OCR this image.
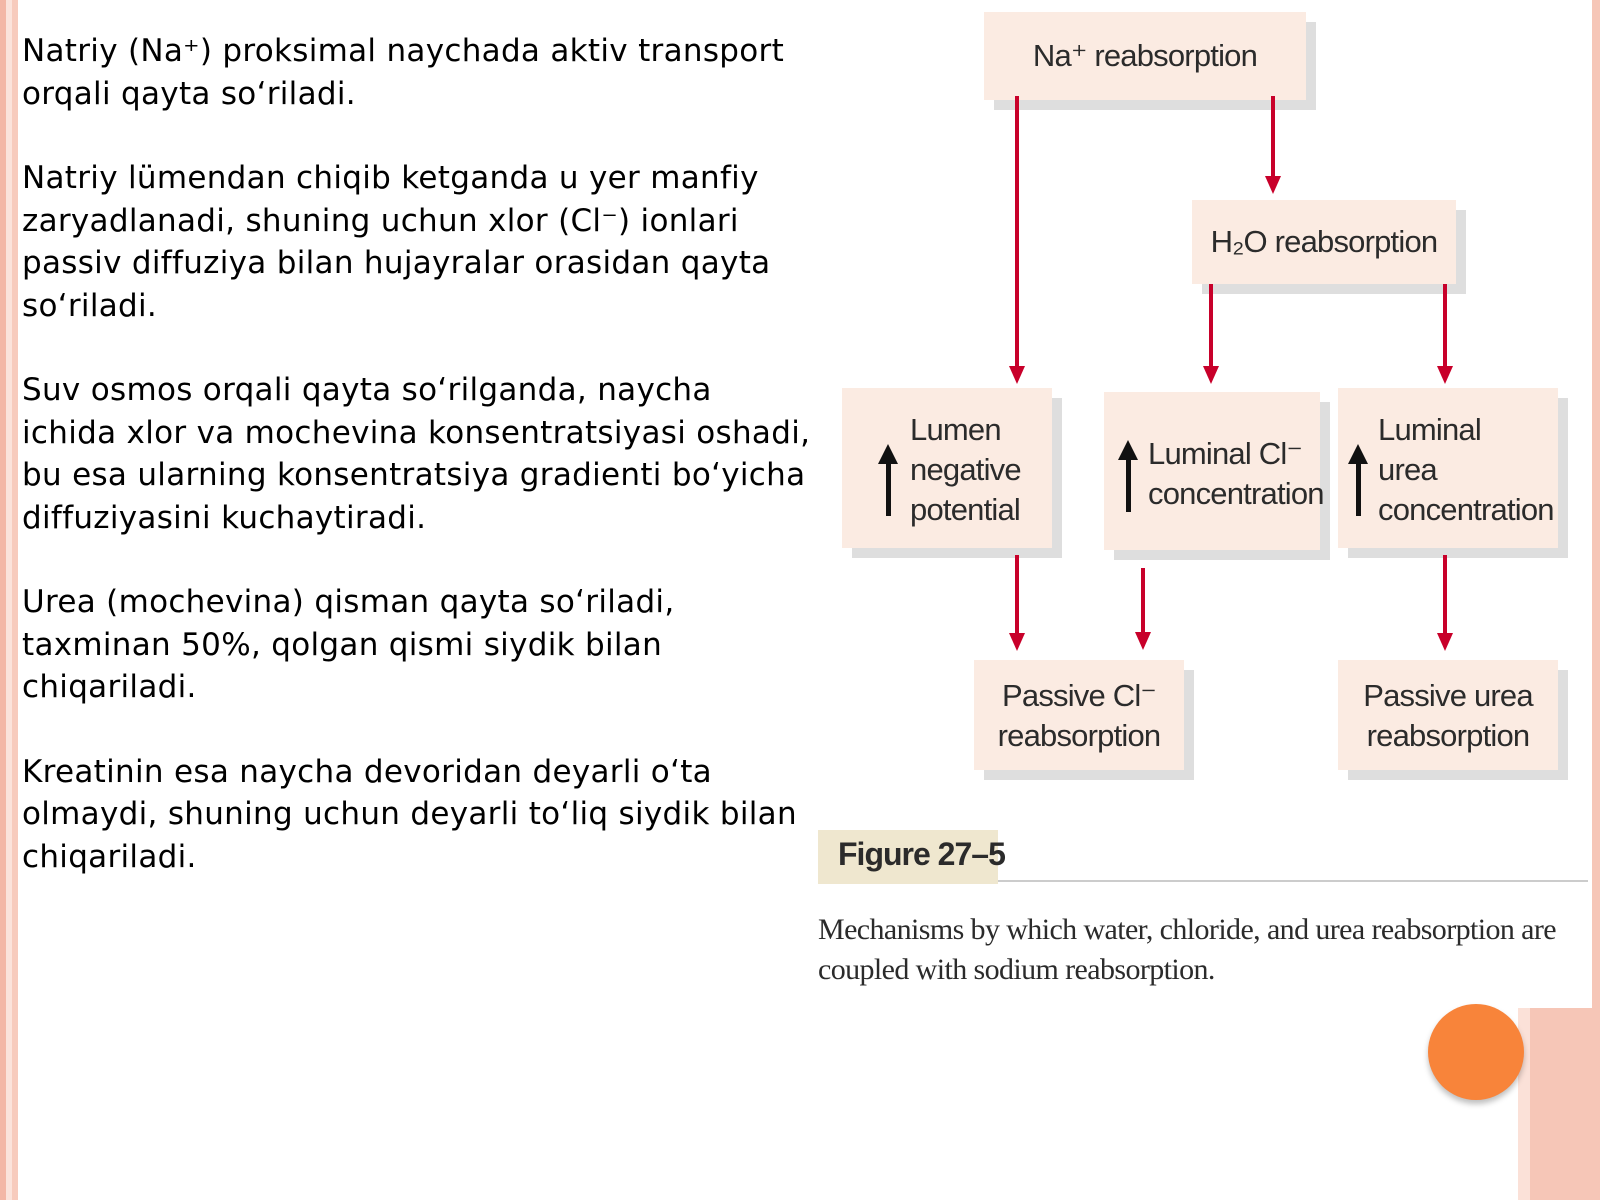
Natriy (Na⁺) proksimal naychada aktiv transport orqali qayta so‘riladi.

Natriy lümendan chiqib ketganda u yer manfiy zaryadlanadi, shuning uchun xlor (Cl⁻) ionlari passiv diffuziya bilan hujayralar orasidan qayta so‘riladi.

Suv osmos orqali qayta so‘rilganda, naycha ichida xlor va mochevina konsentratsiyasi oshadi, bu esa ularning konsentratsiya gradienti bo‘yicha diffuziyasini kuchaytiradi.

Urea (mochevina) qisman qayta so‘riladi, taxminan 50%, qolgan qismi siydik bilan chiqariladi.

Kreatinin esa naycha devoridan deyarli o‘ta olmaydi, shuning uchun deyarli to‘liq siydik bilan chiqariladi.

Na⁺ reabsorption
H₂O reabsorption
Lumen
negative
potential
Luminal Cl⁻
concentration
Luminal
urea
concentration
Passive Cl⁻
reabsorption
Passive urea
reabsorption
Figure 27–5
Mechanisms by which water, chloride, and urea reabsorption are coupled with sodium reabsorption.
